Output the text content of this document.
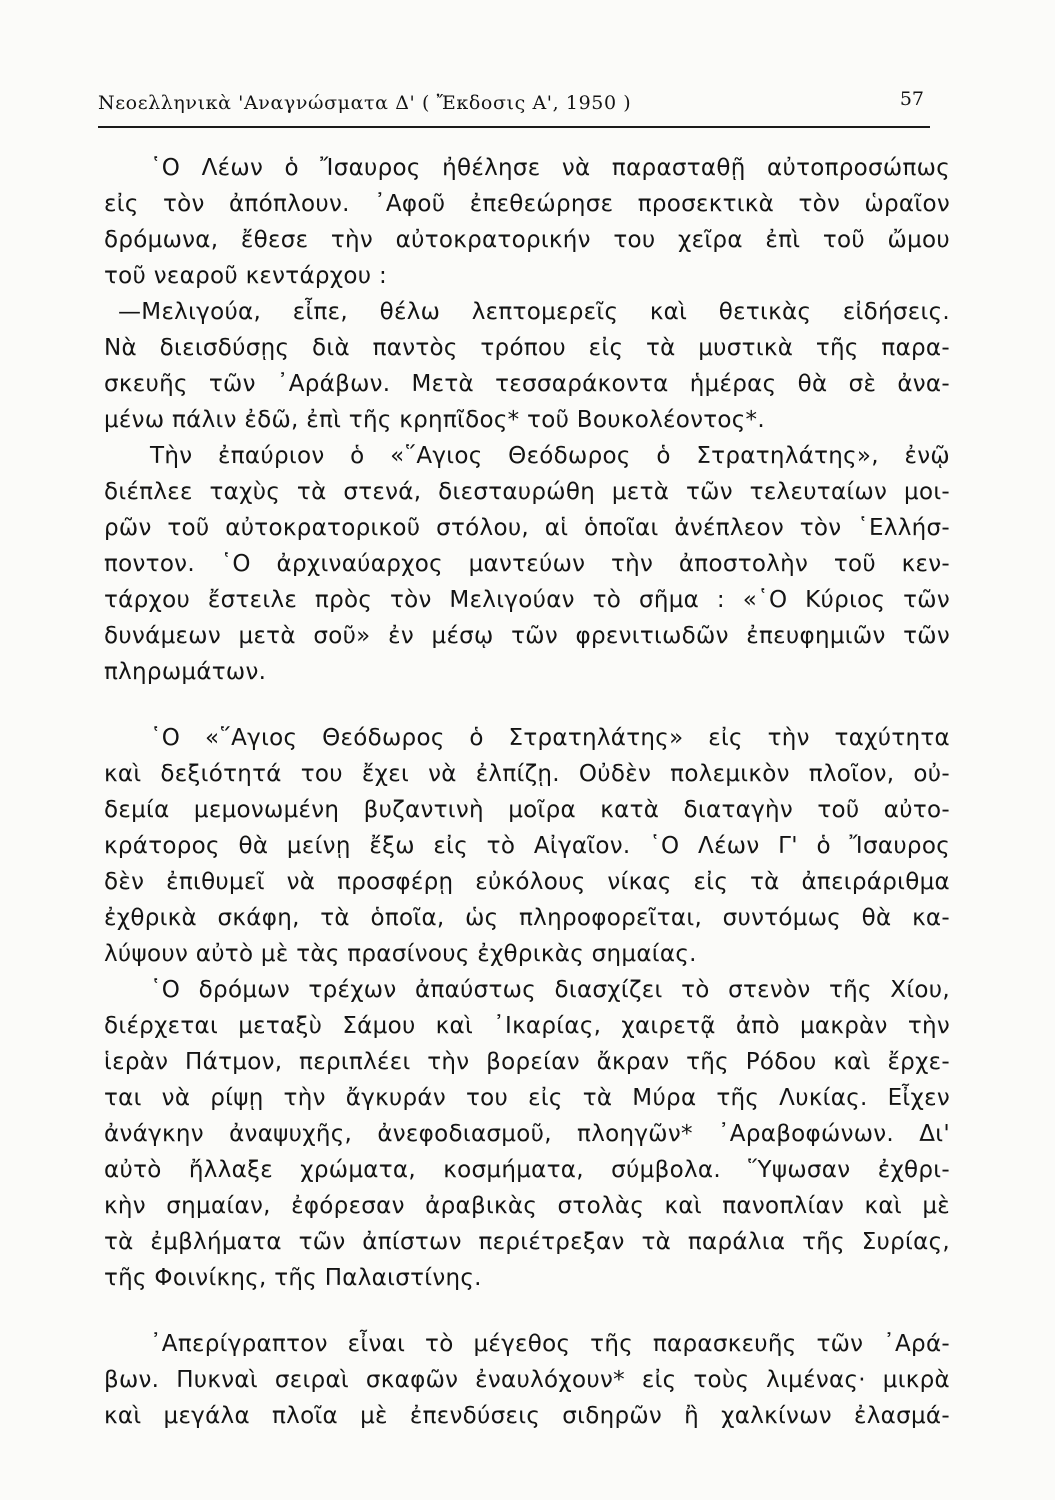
Νεοελληνικὰ 'Αναγνώσματα Δ' ( Ἔκδοσις Α', 1950 )	57
῾Ο Λέων ὁ Ἴσαυρος ἠθέλησε νὰ παρασταθῇ αὐτοπροσώπως
εἰς τὸν ἀπόπλουν. ᾿Αφοῦ ἐπεθεώρησε προσεκτικὰ τὸν ὡραῖον
δρόμωνα, ἔθεσε τὴν αὐτοκρατορικήν του χεῖρα ἐπὶ τοῦ ὤμου
τοῦ νεαροῦ κεντάρχου :
—Μελιγούα, εἶπε, θέλω λεπτομερεῖς καὶ θετικὰς εἰδήσεις.
Νὰ διεισδύσῃς διὰ παντὸς τρόπου εἰς τὰ μυστικὰ τῆς παρα-
σκευῆς τῶν ᾿Αράβων. Μετὰ τεσσαράκοντα ἡμέρας θὰ σὲ ἀνα-
μένω πάλιν ἐδῶ, ἐπὶ τῆς κρηπῖδος* τοῦ Βουκολέοντος*.
Τὴν ἐπαύριον ὁ «῞Αγιος Θεόδωρος ὁ Στρατηλάτης», ἐνῷ
διέπλεε ταχὺς τὰ στενά, διεσταυρώθη μετὰ τῶν τελευταίων μοι-
ρῶν τοῦ αὐτοκρατορικοῦ στόλου, αἱ ὁποῖαι ἀνέπλεον τὸν ῾Ελλήσ-
ποντον. ῾Ο ἀρχιναύαρχος μαντεύων τὴν ἀποστολὴν τοῦ κεν-
τάρχου ἔστειλε πρὸς τὸν Μελιγούαν τὸ σῆμα : «῾Ο Κύριος τῶν
δυνάμεων μετὰ σοῦ» ἐν μέσῳ τῶν φρενιτιωδῶν ἐπευφημιῶν τῶν
πληρωμάτων.
῾Ο «῞Αγιος Θεόδωρος ὁ Στρατηλάτης» εἰς τὴν ταχύτητα
καὶ δεξιότητά του ἔχει νὰ ἐλπίζῃ. Οὐδὲν πολεμικὸν πλοῖον, οὐ-
δεμία μεμονωμένη βυζαντινὴ μοῖρα κατὰ διαταγὴν τοῦ αὐτο-
κράτορος θὰ μείνῃ ἔξω εἰς τὸ Αἰγαῖον. ῾Ο Λέων Γ' ὁ Ἴσαυρος
δὲν ἐπιθυμεῖ νὰ προσφέρῃ εὐκόλους νίκας εἰς τὰ ἀπειράριθμα
ἐχθρικὰ σκάφη, τὰ ὁποῖα, ὡς πληροφορεῖται, συντόμως θὰ κα-
λύψουν αὐτὸ μὲ τὰς πρασίνους ἐχθρικὰς σημαίας.
῾Ο δρόμων τρέχων ἀπαύστως διασχίζει τὸ στενὸν τῆς Χίου,
διέρχεται μεταξὺ Σάμου καὶ ᾿Ικαρίας, χαιρετᾷ ἀπὸ μακρὰν τὴν
ἱερὰν Πάτμον, περιπλέει τὴν βορείαν ἄκραν τῆς Ρόδου καὶ ἔρχε-
ται νὰ ρίψῃ τὴν ἄγκυράν του εἰς τὰ Μύρα τῆς Λυκίας. Εἶχεν
ἀνάγκην ἀναψυχῆς, ἀνεφοδιασμοῦ, πλοηγῶν* ᾿Αραβοφώνων. Δι'
αὐτὸ ἤλλαξε χρώματα, κοσμήματα, σύμβολα. Ὕψωσαν ἐχθρι-
κὴν σημαίαν, ἐφόρεσαν ἀραβικὰς στολὰς καὶ πανοπλίαν καὶ μὲ
τὰ ἐμβλήματα τῶν ἀπίστων περιέτρεξαν τὰ παράλια τῆς Συρίας,
τῆς Φοινίκης, τῆς Παλαιστίνης.
᾿Απερίγραπτον εἶναι τὸ μέγεθος τῆς παρασκευῆς τῶν ᾿Αρά-
βων. Πυκναὶ σειραὶ σκαφῶν ἐναυλόχουν* εἰς τοὺς λιμένας· μικρὰ
καὶ μεγάλα πλοῖα μὲ ἐπενδύσεις σιδηρῶν ἢ χαλκίνων ἐλασμά-
